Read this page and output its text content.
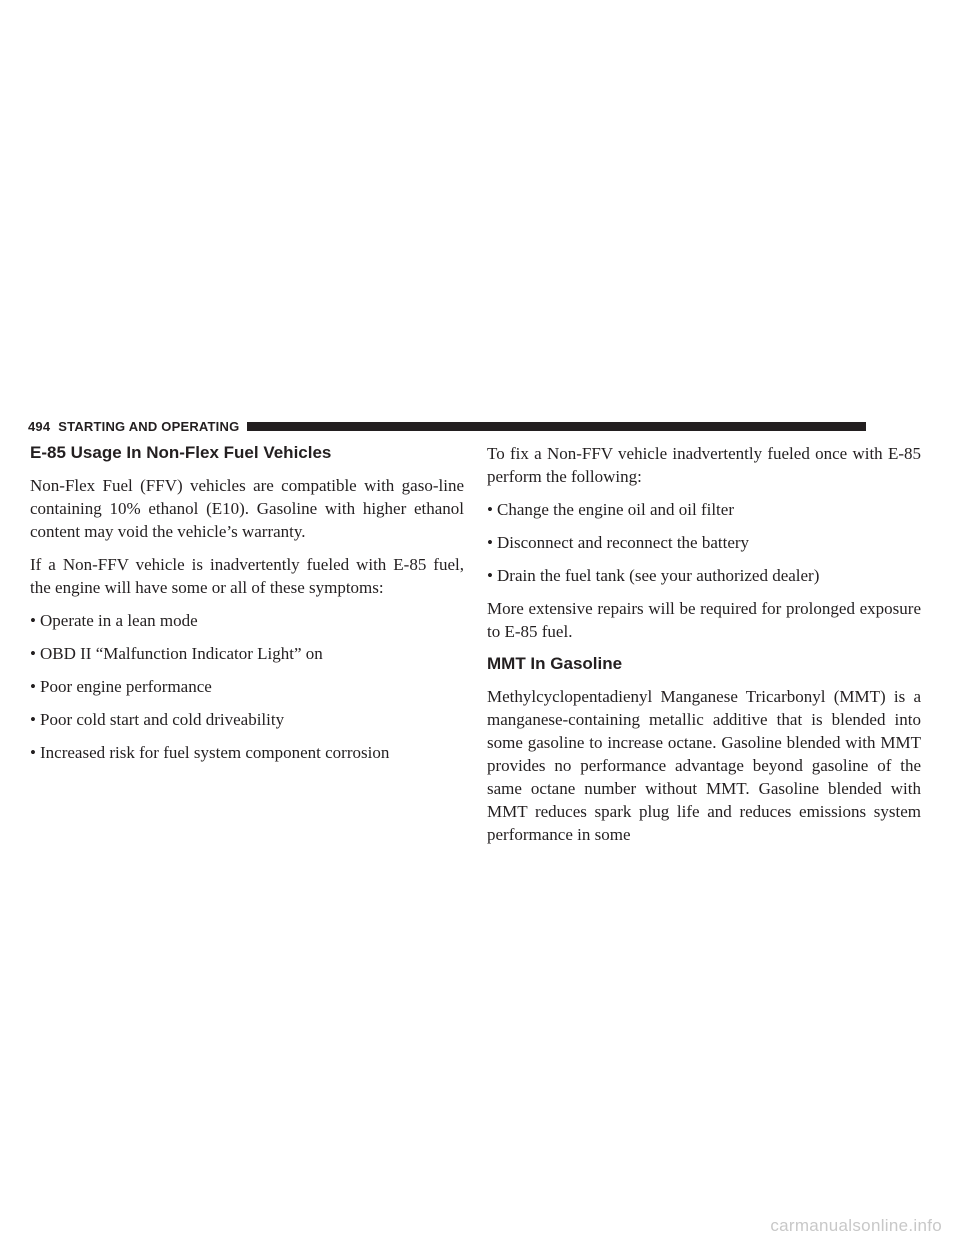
494 STARTING AND OPERATING
E-85 Usage In Non-Flex Fuel Vehicles

Non-Flex Fuel (FFV) vehicles are compatible with gaso-line containing 10% ethanol (E10). Gasoline with higher ethanol content may void the vehicle’s warranty.

If a Non-FFV vehicle is inadvertently fueled with E-85 fuel, the engine will have some or all of these symptoms:

• Operate in a lean mode
• OBD II “Malfunction Indicator Light” on
• Poor engine performance
• Poor cold start and cold driveability
• Increased risk for fuel system component corrosion

To fix a Non-FFV vehicle inadvertently fueled once with E-85 perform the following:

• Change the engine oil and oil filter
• Disconnect and reconnect the battery
• Drain the fuel tank (see your authorized dealer)

More extensive repairs will be required for prolonged exposure to E-85 fuel.

MMT In Gasoline

Methylcyclopentadienyl Manganese Tricarbonyl (MMT) is a manganese-containing metallic additive that is blended into some gasoline to increase octane. Gasoline blended with MMT provides no performance advantage beyond gasoline of the same octane number without MMT. Gasoline blended with MMT reduces spark plug life and reduces emissions system performance in some

carmanualsonline.info
